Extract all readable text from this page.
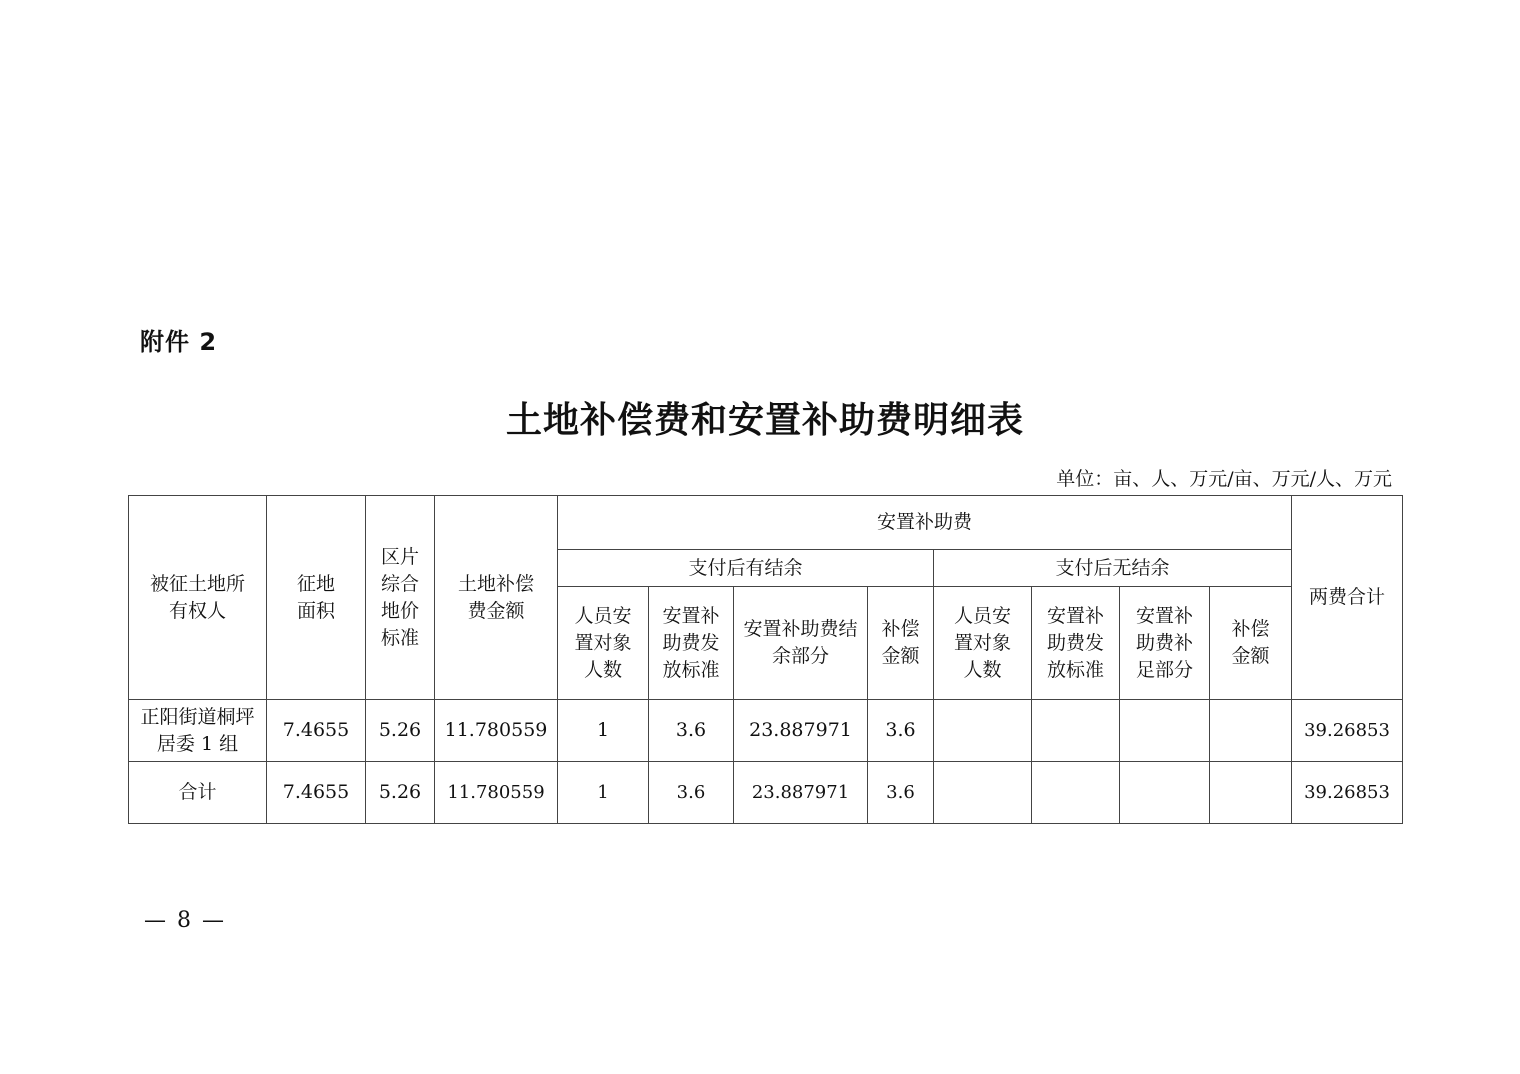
附件 2
土地补偿费和安置补助费明细表
单位：亩、人、万元/亩、万元/人、万元
被征土地所有权人	征地面积	区片综合地价标准	土地补偿费金额	安置补助费								两费合计
				支付后有结余				支付后无结余				
				人员安置对象人数	安置补助费发放标准	安置补助费结余部分	补偿金额	人员安置对象人数	安置补助费发放标准	安置补助费补足部分	补偿金额	
正阳街道桐坪居委 1 组	7.4655	5.26	11.780559	1	3.6	23.887971	3.6					39.26853
合计	7.4655	5.26	11.780559	1	3.6	23.887971	3.6					39.26853
— 8 —
